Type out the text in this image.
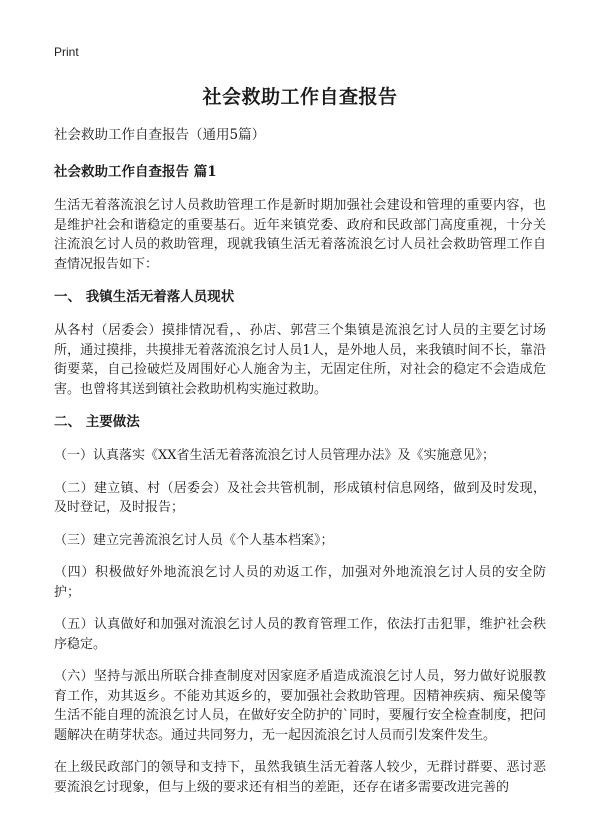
Print
社会救助工作自查报告

社会救助工作自查报告（通用5篇）

社会救助工作自查报告 篇1

生活无着落流浪乞讨人员救助管理工作是新时期加强社会建设和管理的重要内容，也是维护社会和谐稳定的重要基石。近年来镇党委、政府和民政部门高度重视，十分关注流浪乞讨人员的救助管理，现就我镇生活无着落流浪乞讨人员社会救助管理工作自查情况报告如下：

一、 我镇生活无着落人员现状

从各村（居委会）摸排情况看，、孙店、郭营三个集镇是流浪乞讨人员的主要乞讨场所，通过摸排，共摸排无着落流浪乞讨人员1人，是外地人员，来我镇时间不长，靠沿街要菜，自己捡破烂及周围好心人施舍为主，无固定住所，对社会的稳定不会造成危害。也曾将其送到镇社会救助机构实施过救助。

二、 主要做法

（一）认真落实《XX省生活无着落流浪乞讨人员管理办法》及《实施意见》；

（二）建立镇、村（居委会）及社会共管机制，形成镇村信息网络，做到及时发现，及时登记，及时报告；

（三）建立完善流浪乞讨人员《个人基本档案》；

（四）积极做好外地流浪乞讨人员的劝返工作，加强对外地流浪乞讨人员的安全防护；

（五）认真做好和加强对流浪乞讨人员的教育管理工作，依法打击犯罪，维护社会秩序稳定。

（六）坚持与派出所联合排查制度对因家庭矛盾造成流浪乞讨人员，努力做好说服教育工作，劝其返乡。不能劝其返乡的，要加强社会救助管理。因精神疾病、痴呆傻等生活不能自理的流浪乞讨人员，在做好安全防护的`同时，要履行安全检查制度，把问题解决在萌芽状态。通过共同努力，无一起因流浪乞讨人员而引发案件发生。

在上级民政部门的领导和支持下，虽然我镇生活无着落人较少，无群讨群要、恶讨恶要流浪乞讨现象，但与上级的要求还有相当的差距，还存在诸多需要改进完善的
